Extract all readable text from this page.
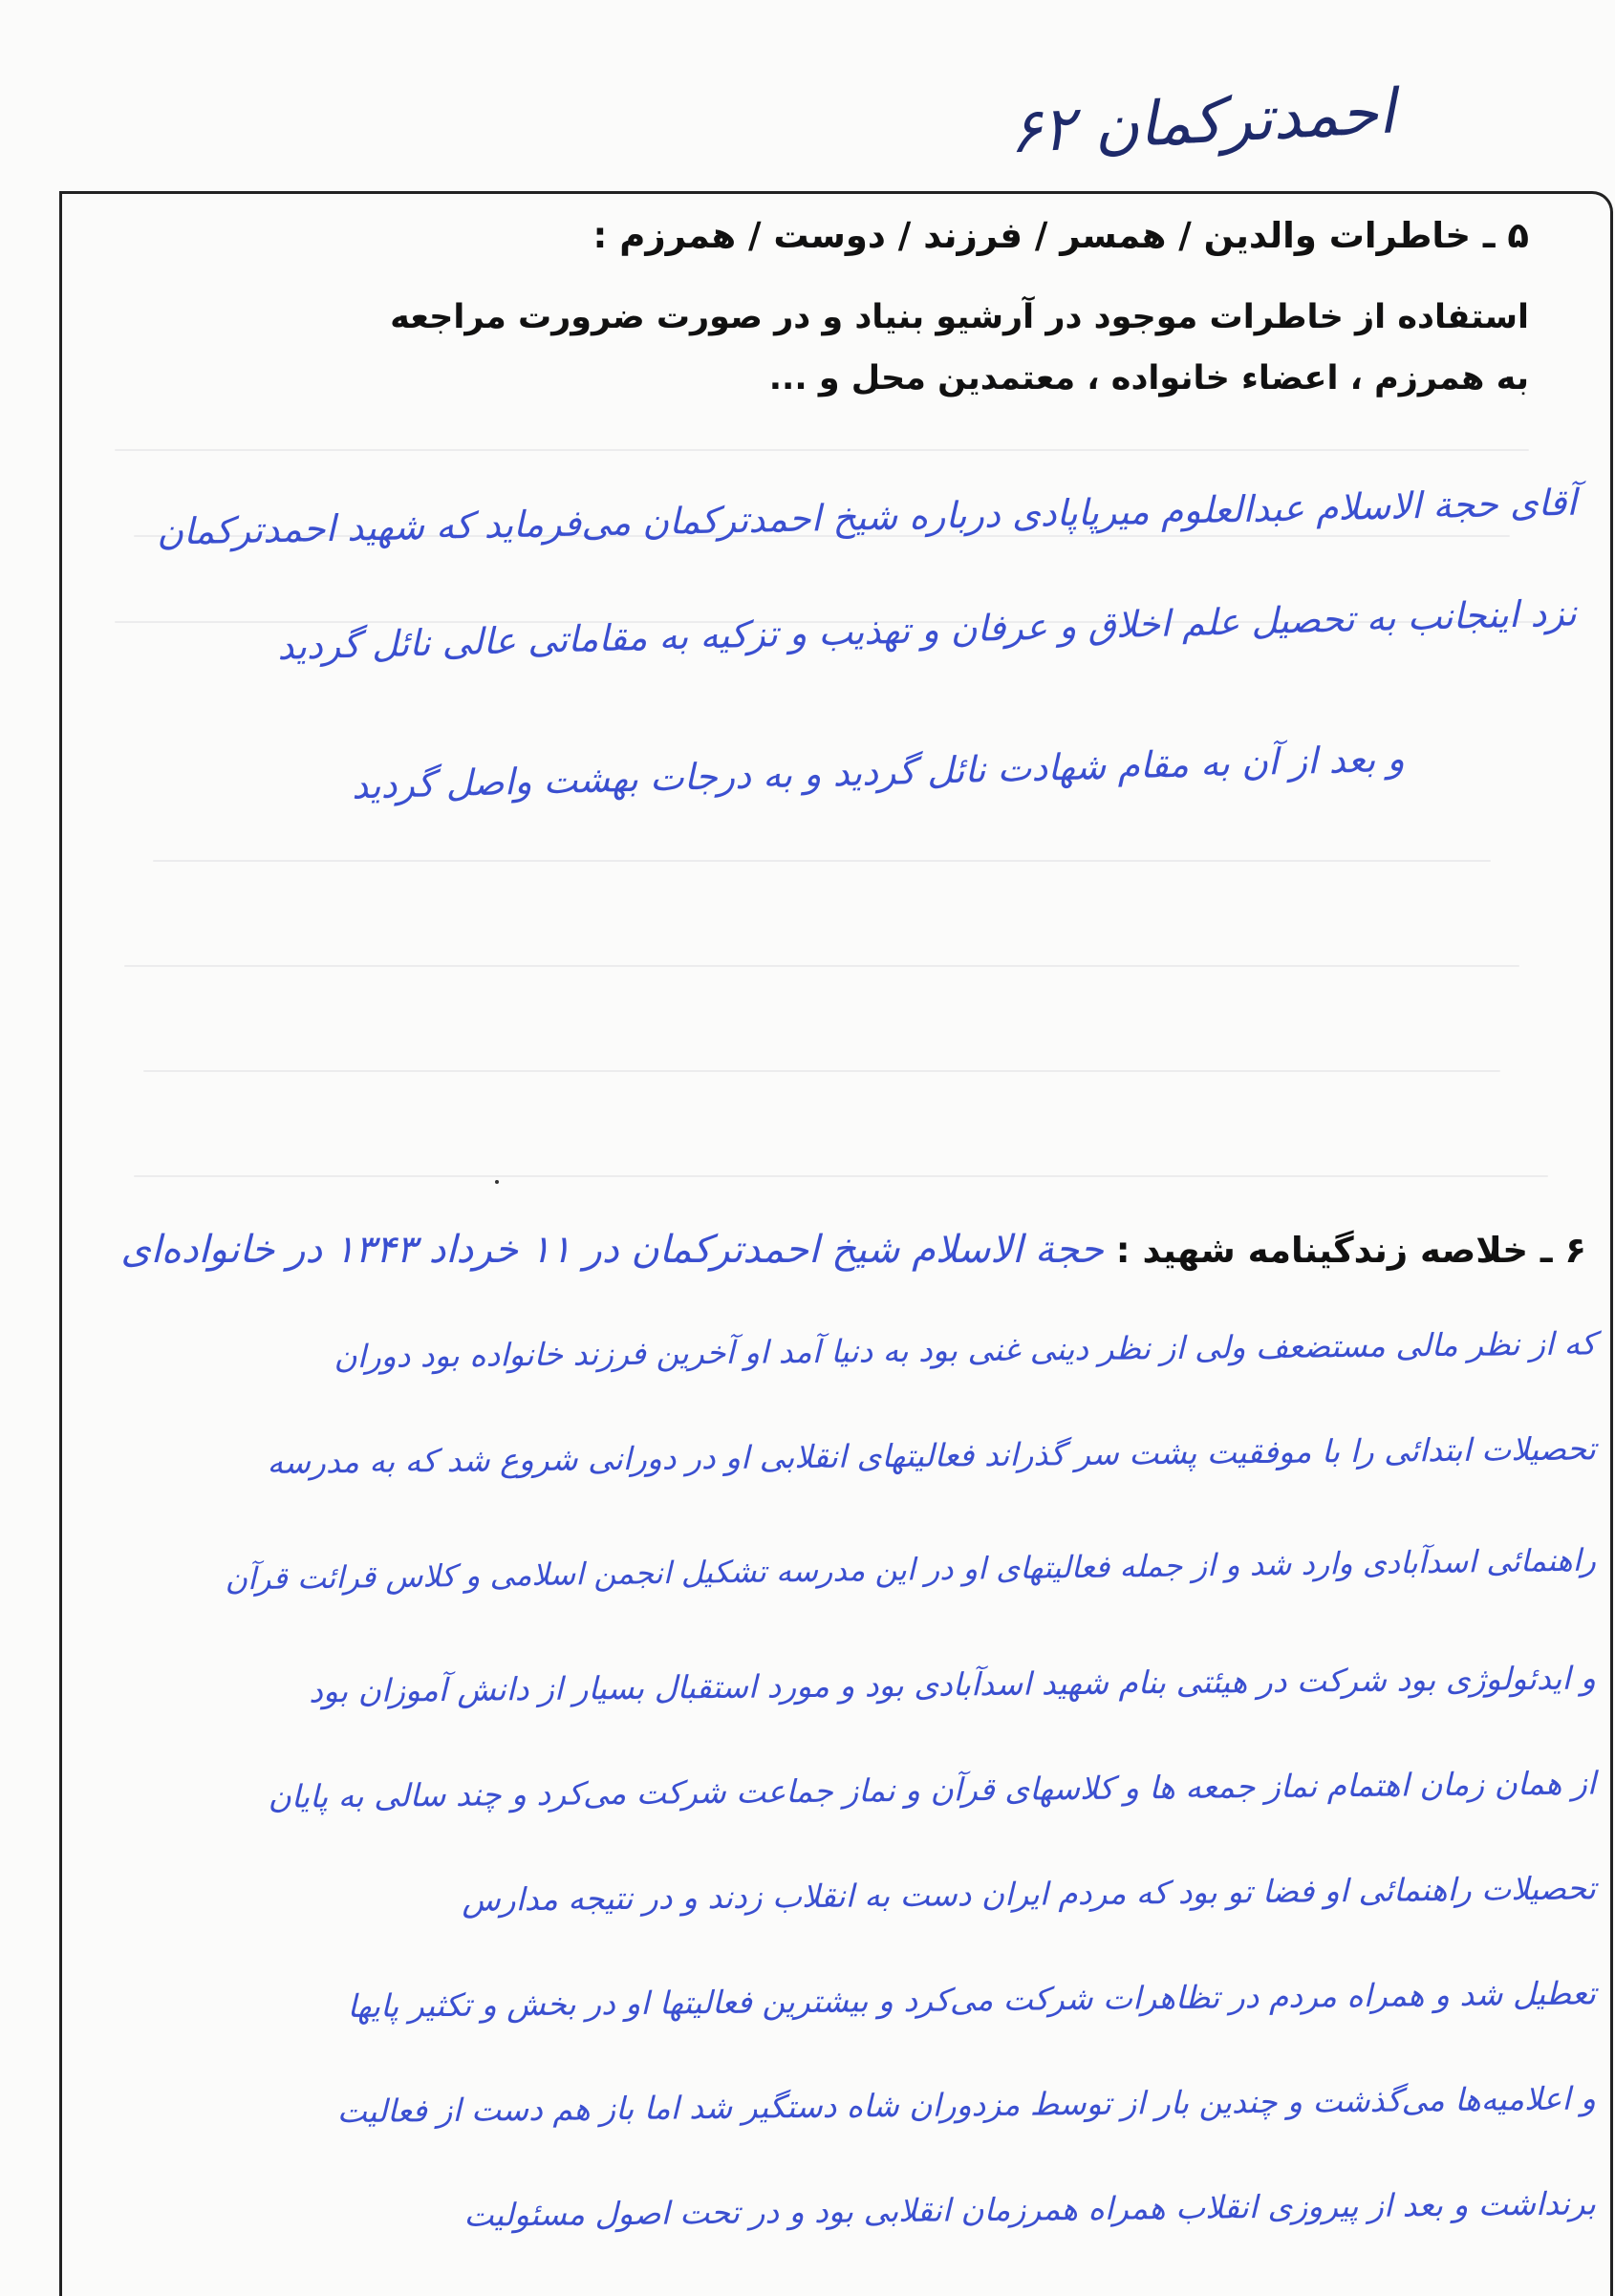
احمدترکمان ۶۲
۵ ـ خاطرات والدین / همسر / فرزند / دوست / همرزم :
استفاده از خاطرات موجود در آرشیو بنیاد و در صورت ضرورت مراجعه
به همرزم ، اعضاء خانواده ، معتمدین محل و ...
آقای حجة الاسلام عبدالعلوم میرپاپادی درباره شیخ احمدترکمان می‌فرماید که شهید احمدترکمان
نزد اینجانب به تحصیل علم اخلاق و عرفان و تهذیب و تزکیه به مقاماتی عالی نائل گردید
و بعد از آن به مقام شهادت نائل گردید و به درجات بهشت واصل گردید
۶ ـ خلاصه زندگینامه شهید : حجة الاسلام شیخ احمدترکمان در ۱۱ خرداد ۱۳۴۳ در خانواده‌ای
که از نظر مالی مستضعف ولی از نظر دینی غنی بود به دنیا آمد او آخرین فرزند خانواده بود دوران
تحصیلات ابتدائی را با موفقیت پشت سر گذراند فعالیتهای انقلابی او در دورانی شروع شد که به مدرسه
راهنمائی اسدآبادی وارد شد و از جمله فعالیتهای او در این مدرسه تشکیل انجمن اسلامی و کلاس قرائت قرآن
و ایدئولوژی بود شرکت در هیئتی بنام شهید اسدآبادی بود و مورد استقبال بسیار از دانش آموزان بود
از همان زمان اهتمام نماز جمعه ها و کلاسهای قرآن و نماز جماعت شرکت می‌کرد و چند سالی به پایان
تحصیلات راهنمائی او فضا تو بود که مردم ایران دست به انقلاب زدند و در نتیجه مدارس
تعطیل شد و همراه مردم در تظاهرات شرکت می‌کرد و بیشترین فعالیتها او در بخش و تکثیر پایها
و اعلامیه‌ها می‌گذشت و چندین بار از توسط مزدوران شاه دستگیر شد اما باز هم دست از فعالیت
برنداشت و بعد از پیروزی انقلاب همراه همرزمان انقلابی بود و در تحت اصول مسئولیت
